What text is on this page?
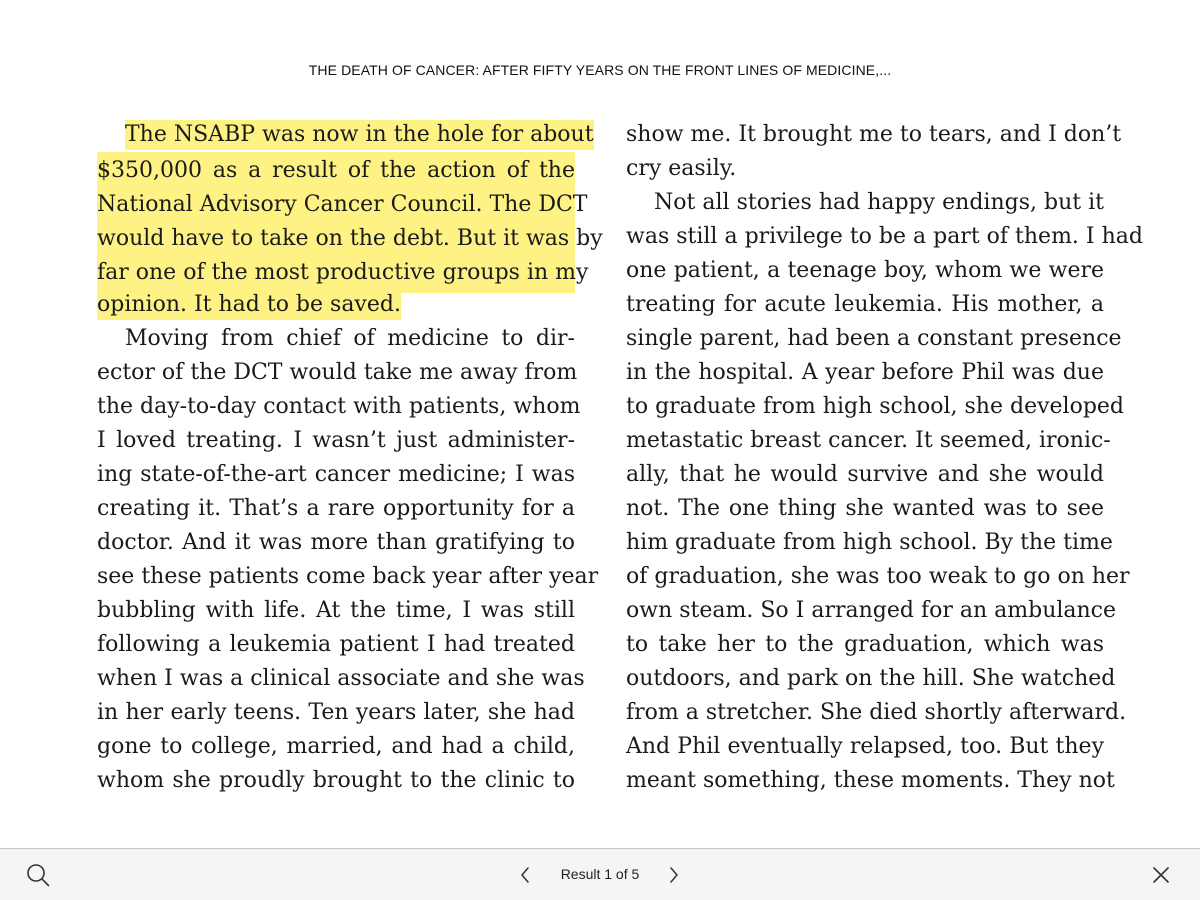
THE DEATH OF CANCER: AFTER FIFTY YEARS ON THE FRONT LINES OF MEDICINE,...
The NSABP was now in the hole for about
$350,000 as a result of the action of the
National Advisory Cancer Council. The DCT
would have to take on the debt. But it was by
far one of the most productive groups in my
opinion. It had to be saved.
Moving from chief of medicine to dir-
ector of the DCT would take me away from
the day-to-day contact with patients, whom
I loved treating. I wasn’t just administer-
ing state-of-the-art cancer medicine; I was
creating it. That’s a rare opportunity for a
doctor. And it was more than gratifying to
see these patients come back year after year
bubbling with life. At the time, I was still
following a leukemia patient I had treated
when I was a clinical associate and she was
in her early teens. Ten years later, she had
gone to college, married, and had a child,
whom she proudly brought to the clinic to
show me. It brought me to tears, and I don’t
cry easily.
Not all stories had happy endings, but it
was still a privilege to be a part of them. I had
one patient, a teenage boy, whom we were
treating for acute leukemia. His mother, a
single parent, had been a constant presence
in the hospital. A year before Phil was due
to graduate from high school, she developed
metastatic breast cancer. It seemed, ironic-
ally, that he would survive and she would
not. The one thing she wanted was to see
him graduate from high school. By the time
of graduation, she was too weak to go on her
own steam. So I arranged for an ambulance
to take her to the graduation, which was
outdoors, and park on the hill. She watched
from a stretcher. She died shortly afterward.
And Phil eventually relapsed, too. But they
meant something, these moments. They not
Result 1 of 5
